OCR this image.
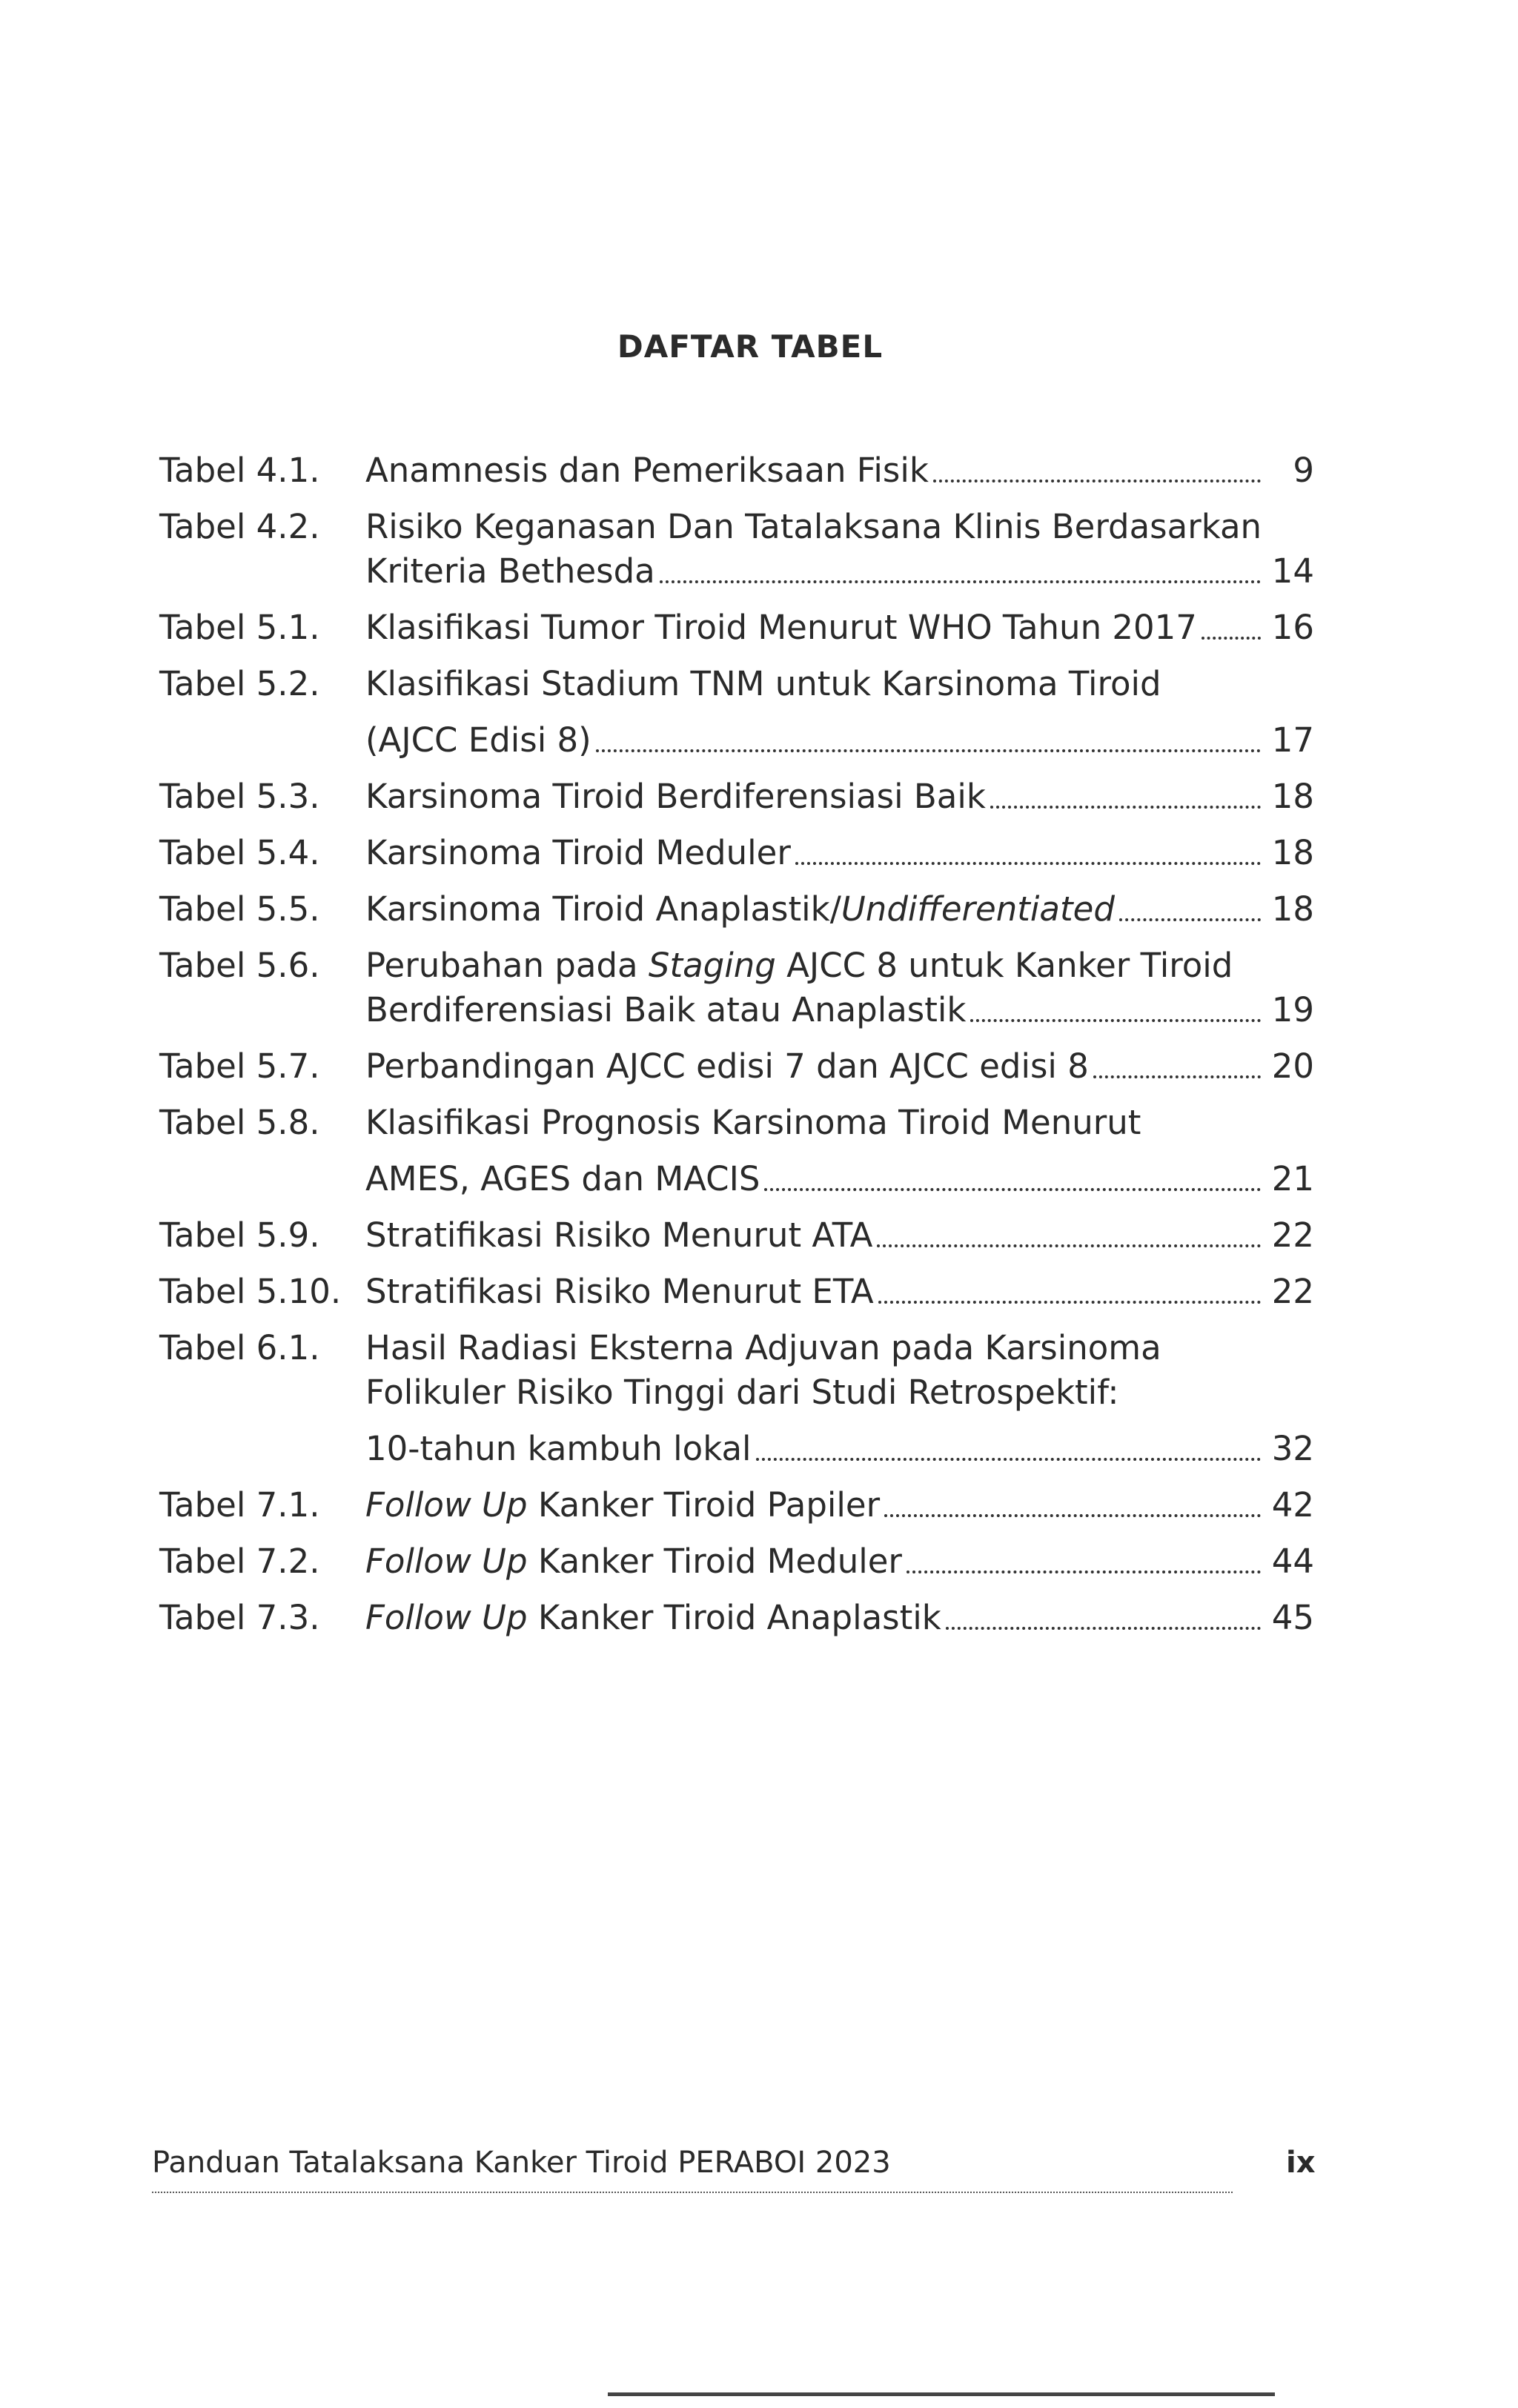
DAFTAR TABEL
Tabel 4.1.	Anamnesis dan Pemeriksaan Fisik	9
Tabel 4.2.	Risiko Keganasan Dan Tatalaksana Klinis Berdasarkan
Kriteria Bethesda	14
Tabel 5.1.	Klasifikasi Tumor Tiroid Menurut WHO Tahun 2017 16
Tabel 5.2.	Klasifikasi Stadium TNM untuk Karsinoma Tiroid
(AJCC Edisi 8)	17
Tabel 5.3.	Karsinoma Tiroid Berdiferensiasi Baik	18
Tabel 5.4.	Karsinoma Tiroid Meduler	18
Tabel 5.5.	Karsinoma Tiroid Anaplastik/Undifferentiated	18
Tabel 5.6.	Perubahan pada Staging AJCC 8 untuk Kanker Tiroid
Berdiferensiasi Baik atau Anaplastik	19
Tabel 5.7.	Perbandingan AJCC edisi 7 dan AJCC edisi 8	20
Tabel 5.8.	Klasifikasi Prognosis Karsinoma Tiroid Menurut
AMES, AGES dan MACIS	21
Tabel 5.9.	Stratifikasi Risiko Menurut ATA	22
Tabel 5.10. Stratifikasi Risiko Menurut ETA	22
Tabel 6.1.	Hasil Radiasi Eksterna Adjuvan pada Karsinoma
Folikuler Risiko Tinggi dari Studi Retrospektif:
10-tahun kambuh lokal	32
Tabel 7.1.	Follow Up Kanker Tiroid Papiler	42
Tabel 7.2.	Follow Up Kanker Tiroid Meduler	44
Tabel 7.3.	Follow Up Kanker Tiroid Anaplastik	45
Panduan Tatalaksana Kanker Tiroid PERABOI 2023	ix
